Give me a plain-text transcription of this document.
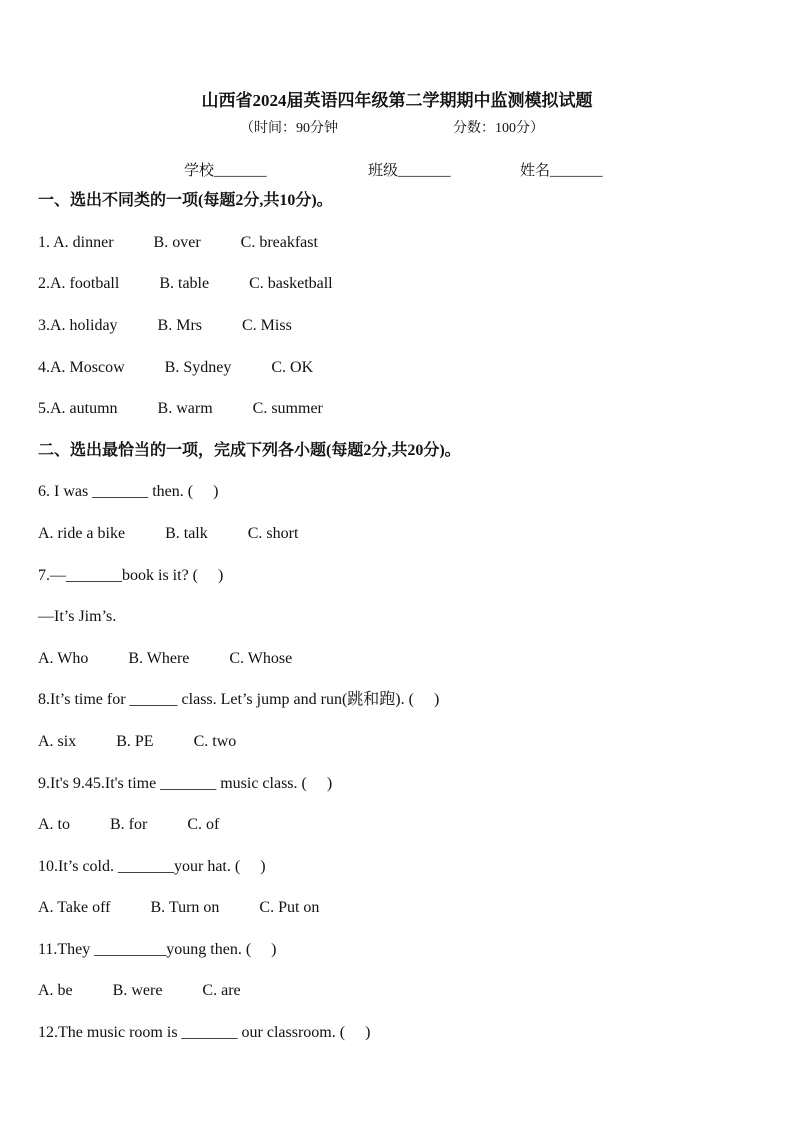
山西省2024届英语四年级第二学期期中监测模拟试题
（时间：90分钟	分数：100分）
学校_______	班级_______	姓名_______
一、选出不同类的一项(每题2分,共10分)。
1. A. dinner          B. over          C. breakfast
2.A. football          B. table          C. basketball
3.A. holiday          B. Mrs          C. Miss
4.A. Moscow          B. Sydney          C. OK
5.A. autumn          B. warm          C. summer
二、选出最恰当的一项，完成下列各小题(每题2分,共20分)。
6. I was _______ then. (     )
A. ride a bike          B. talk          C. short
7.—_______book is it? (     )
—It’s Jim’s.
A. Who          B. Where          C. Whose
8.It’s time for ______ class. Let’s jump and run(跳和跑). (     )
A. six          B. PE          C. two
9.It's 9.45.It's time _______ music class. (     )
A. to          B. for          C. of
10.It’s cold. _______your hat. (     )
A. Take off          B. Turn on          C. Put on
11.They _________young then. (     )
A. be          B. were          C. are
12.The music room is _______ our classroom. (     )
